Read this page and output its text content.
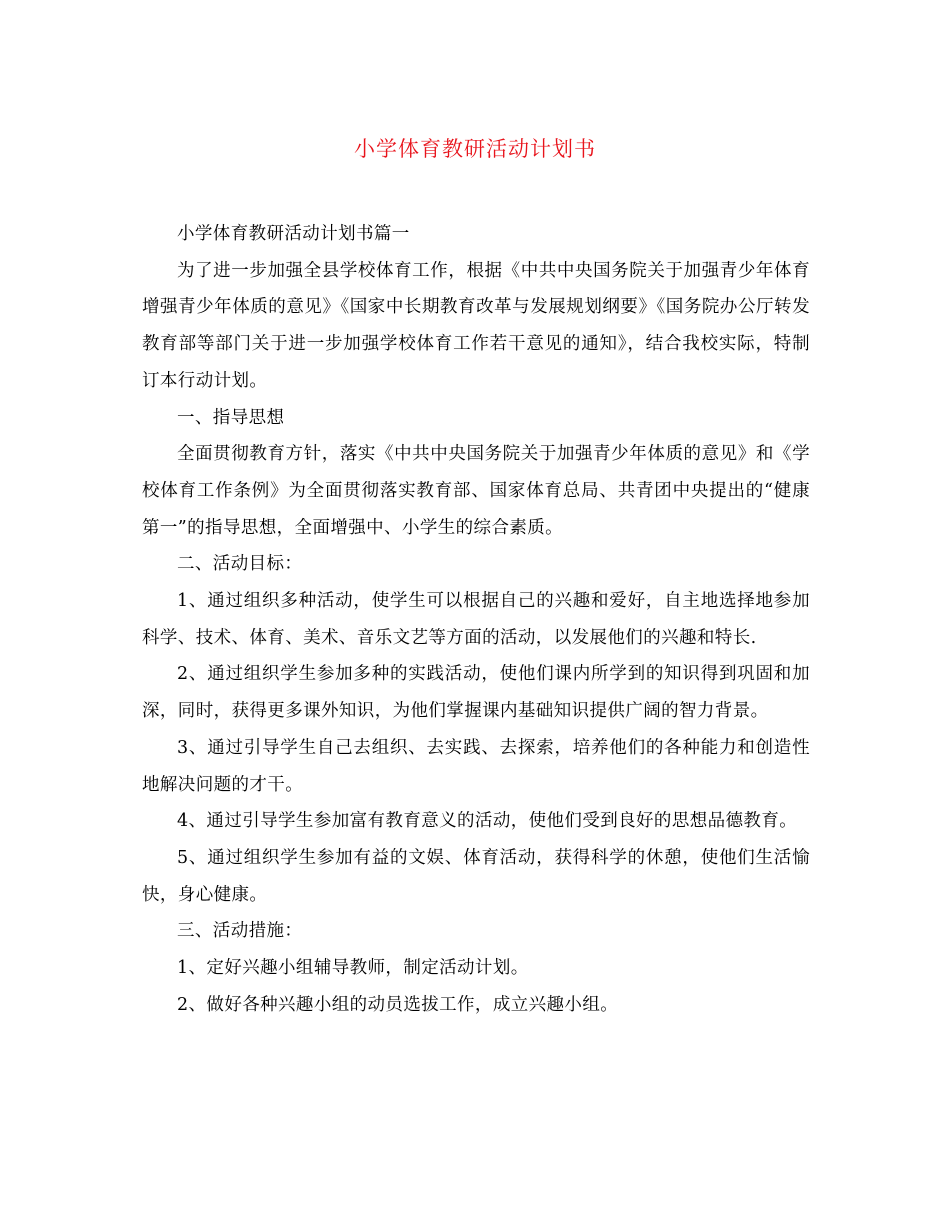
小学体育教研活动计划书

小学体育教研活动计划书篇一

为了进一步加强全县学校体育工作，根据《中共中央国务院关于加强青少年体育增强青少年体质的意见》《国家中长期教育改革与发展规划纲要》《国务院办公厅转发教育部等部门关于进一步加强学校体育工作若干意见的通知》，结合我校实际，特制订本行动计划。

一、指导思想

全面贯彻教育方针，落实《中共中央国务院关于加强青少年体质的意见》和《学校体育工作条例》为全面贯彻落实教育部、国家体育总局、共青团中央提出的“健康第一”的指导思想，全面增强中、小学生的综合素质。

二、活动目标：

1、通过组织多种活动，使学生可以根据自己的兴趣和爱好，自主地选择地参加科学、技术、体育、美术、音乐文艺等方面的活动，以发展他们的兴趣和特长.

2、通过组织学生参加多种的实践活动，使他们课内所学到的知识得到巩固和加深，同时，获得更多课外知识，为他们掌握课内基础知识提供广阔的智力背景。

3、通过引导学生自己去组织、去实践、去探索，培养他们的各种能力和创造性地解决问题的才干。

4、通过引导学生参加富有教育意义的活动，使他们受到良好的思想品德教育。

5、通过组织学生参加有益的文娱、体育活动，获得科学的休憩，使他们生活愉快，身心健康。

三、活动措施：

1、定好兴趣小组辅导教师，制定活动计划。

2、做好各种兴趣小组的动员选拔工作，成立兴趣小组。
